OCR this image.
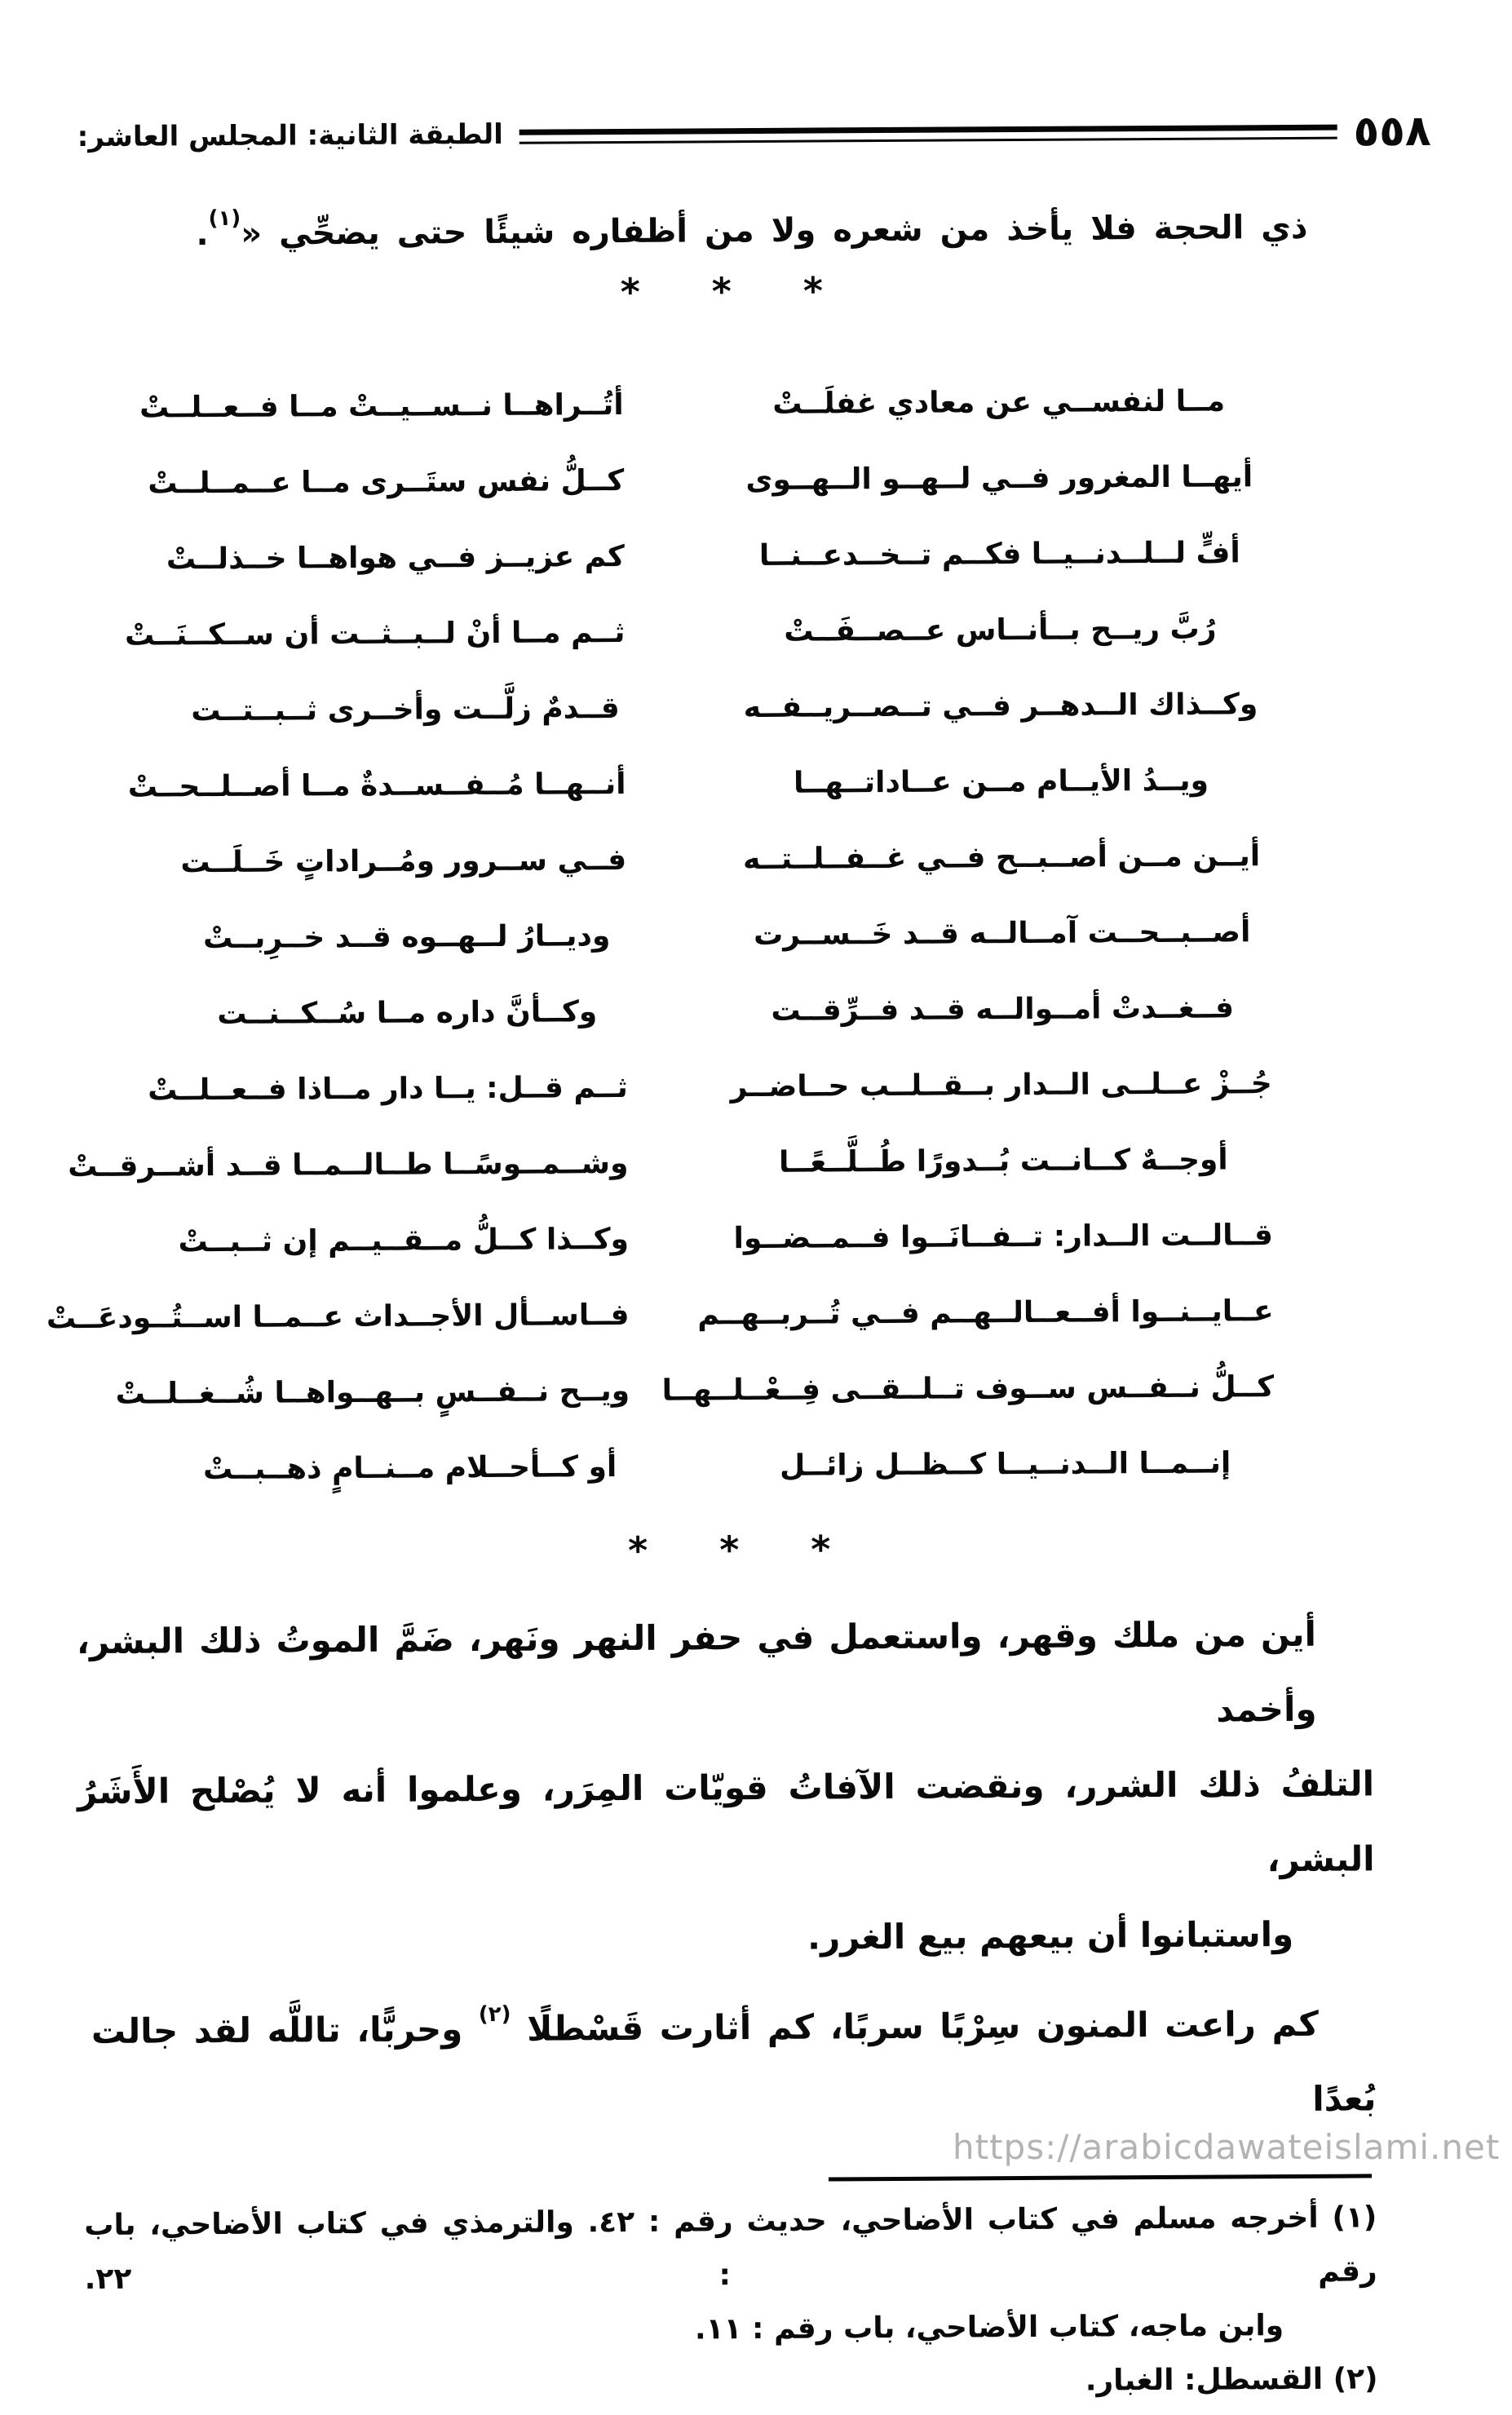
٥٥٨
الطبقة الثانية: المجلس العاشر:
ذي الحجة فلا يأخذ من شعره ولا من أظفاره شيئًا حتى يضحِّي «$^{(١)}$.
* * *
مــا لنفســي عن معادي غفلَــتْ
أتُــراهــا نــســيــتْ مــا فــعــلــتْ
أيهــا المغرور فــي لــهــو الــهــوى
كــلُّ نفس ستَــرى مــا عــمــلــتْ
أفٍّ لــلــدنــيــا فكــم تــخــدعــنــا
كم عزيــز فــي هواهــا خــذلــتْ
رُبَّ ريــح بــأنــاس عــصــفَــتْ
ثــم مــا أنْ لــبــثــت أن ســكــنَــتْ
وكــذاك الــدهــر فــي تــصــريــفــه
قــدمٌ زلَّــت وأخــرى ثــبــتــت
ويــدُ الأيــام مــن عــاداتــهــا
أنــهــا مُــفــســدةٌ مــا أصــلــحــتْ
أيــن مــن أصــبــح فــي غــفــلــتــه
فــي ســرور ومُــراداتٍ خَــلَــت
أصــبــحــت آمــالــه قــد خَــســرت
وديــارُ لــهــوه قــد خــرِبــتْ
فــغــدتْ أمــوالــه قــد فــرِّقــت
وكــأنَّ داره مــا سُــكــنــت
جُــزْ عــلــى الــدار بــقــلــب حــاضــر
ثــم قــل: يــا دار مــاذا فــعــلــتْ
أوجــهٌ كــانــت بُــدورًا طُــلَّــعًــا
وشــمــوسًــا طــالــمــا قــد أشــرقــتْ
قــالــت الــدار: تــفــانَــوا فــمــضــوا
وكــذا كــلُّ مــقــيــم إن ثــبــتْ
عــايــنــوا أفــعــالــهــم فــي تُــربــهــم
فــاســأل الأجــداث عــمــا اســتُــودعَــتْ
كــلُّ نــفــس ســوف تــلــقــى فِــعْــلــهــا
ويــح نــفــسٍ بــهــواهــا شُــغــلــتْ
إنــمــا الــدنــيــا كــظــل زائــل
أو كــأحــلام مــنــامٍ ذهــبــتْ
* * *
أين من ملك وقهر، واستعمل في حفر النهر ونَهر، ضَمَّ الموتُ ذلك البشر، وأخمد
التلفُ ذلك الشرر، ونقضت الآفاتُ قويّات المِرَر، وعلموا أنه لا يُصْلح الأَشَرُ البشر،
واستبانوا أن بيعهم بيع الغرر.
كم راعت المنون سِرْبًا سربًا، كم أثارت قَسْطلًا $^{(٢)}$ وحربًّا، تاللَّه لقد جالت بُعدًا
(١) أخرجه مسلم في كتاب الأضاحي، حديث رقم : ٤٢. والترمذي في كتاب الأضاحي، باب رقم : ٢٢.
وابن ماجه، كتاب الأضاحي، باب رقم : ١١.
(٢) القسطل: الغبار.
https://arabicdawateislami.net
